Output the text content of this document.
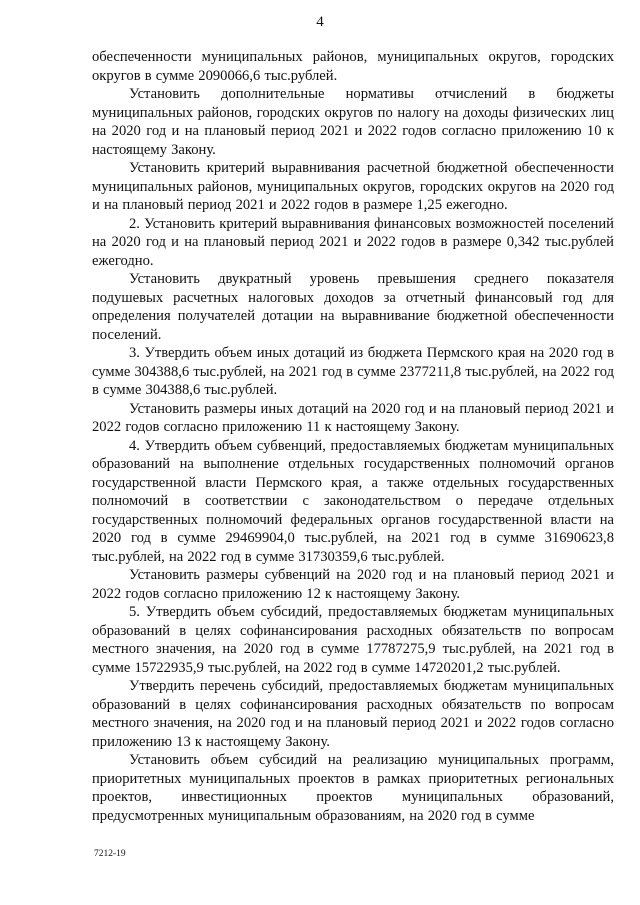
4

обеспеченности муниципальных районов, муниципальных округов, городских округов в сумме 2090066,6 тыс.рублей.

Установить дополнительные нормативы отчислений в бюджеты муниципальных районов, городских округов по налогу на доходы физических лиц на 2020 год и на плановый период 2021 и 2022 годов согласно приложению 10 к настоящему Закону.

Установить критерий выравнивания расчетной бюджетной обеспеченности муниципальных районов, муниципальных округов, городских округов на 2020 год и на плановый период 2021 и 2022 годов в размере 1,25 ежегодно.

2. Установить критерий выравнивания финансовых возможностей поселений на 2020 год и на плановый период 2021 и 2022 годов в размере 0,342 тыс.рублей ежегодно.

Установить двукратный уровень превышения среднего показателя подушевых расчетных налоговых доходов за отчетный финансовый год для определения получателей дотации на выравнивание бюджетной обеспеченности поселений.

3. Утвердить объем иных дотаций из бюджета Пермского края на 2020 год в сумме 304388,6 тыс.рублей, на 2021 год в сумме 2377211,8 тыс.рублей, на 2022 год в сумме 304388,6 тыс.рублей.

Установить размеры иных дотаций на 2020 год и на плановый период 2021 и 2022 годов согласно приложению 11 к настоящему Закону.

4. Утвердить объем субвенций, предоставляемых бюджетам муниципальных образований на выполнение отдельных государственных полномочий органов государственной власти Пермского края, а также отдельных государственных полномочий в соответствии с законодательством о передаче отдельных государственных полномочий федеральных органов государственной власти на 2020 год в сумме 29469904,0 тыс.рублей, на 2021 год в сумме 31690623,8 тыс.рублей, на 2022 год в сумме 31730359,6 тыс.рублей.

Установить размеры субвенций на 2020 год и на плановый период 2021 и 2022 годов согласно приложению 12 к настоящему Закону.

5. Утвердить объем субсидий, предоставляемых бюджетам муниципальных образований в целях софинансирования расходных обязательств по вопросам местного значения, на 2020 год в сумме 17787275,9 тыс.рублей, на 2021 год в сумме 15722935,9 тыс.рублей, на 2022 год в сумме 14720201,2 тыс.рублей.

Утвердить перечень субсидий, предоставляемых бюджетам муниципальных образований в целях софинансирования расходных обязательств по вопросам местного значения, на 2020 год и на плановый период 2021 и 2022 годов согласно приложению 13 к настоящему Закону.

Установить объем субсидий на реализацию муниципальных программ, приоритетных муниципальных проектов в рамках приоритетных региональных проектов, инвестиционных проектов муниципальных образований, предусмотренных муниципальным образованиям, на 2020 год в сумме

7212-19
